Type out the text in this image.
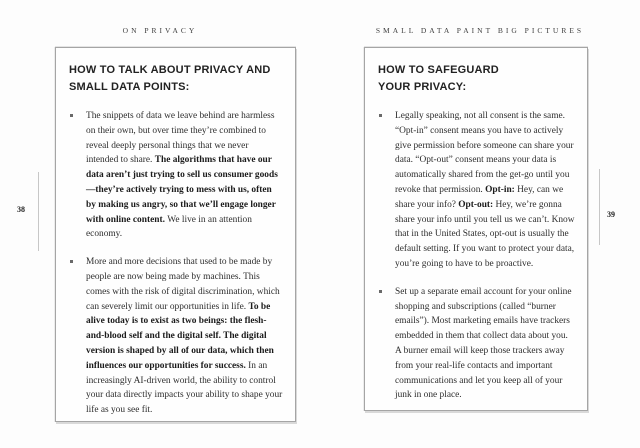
ON PRIVACY
38
HOW TO TALK ABOUT PRIVACY AND
SMALL DATA POINTS:
The snippets of data we leave behind are harmless on their own, but over time they’re combined to reveal deeply personal things that we never intended to share. The algorithms that have our data aren’t just trying to sell us consumer goods—they’re actively trying to mess with us, often by making us angry, so that we’ll engage longer with online content. We live in an attention economy.
More and more decisions that used to be made by people are now being made by machines. This comes with the risk of digital discrimination, which can severely limit our opportunities in life. To be alive today is to exist as two beings: the flesh-and-blood self and the digital self. The digital version is shaped by all of our data, which then influences our opportunities for success. In an increasingly AI-driven world, the ability to control your data directly impacts your ability to shape your life as you see fit.
SMALL DATA PAINT BIG PICTURES
39
HOW TO SAFEGUARD
YOUR PRIVACY:
Legally speaking, not all consent is the same. “Opt-in” consent means you have to actively give permission before someone can share your data. “Opt-out” consent means your data is automatically shared from the get-go until you revoke that permission. Opt-in: Hey, can we share your info? Opt-out: Hey, we’re gonna share your info until you tell us we can’t. Know that in the United States, opt-out is usually the default setting. If you want to protect your data, you’re going to have to be proactive.
Set up a separate email account for your online shopping and subscriptions (called “burner emails”). Most marketing emails have trackers embedded in them that collect data about you. A burner email will keep those trackers away from your real-life contacts and important communications and let you keep all of your junk in one place.
